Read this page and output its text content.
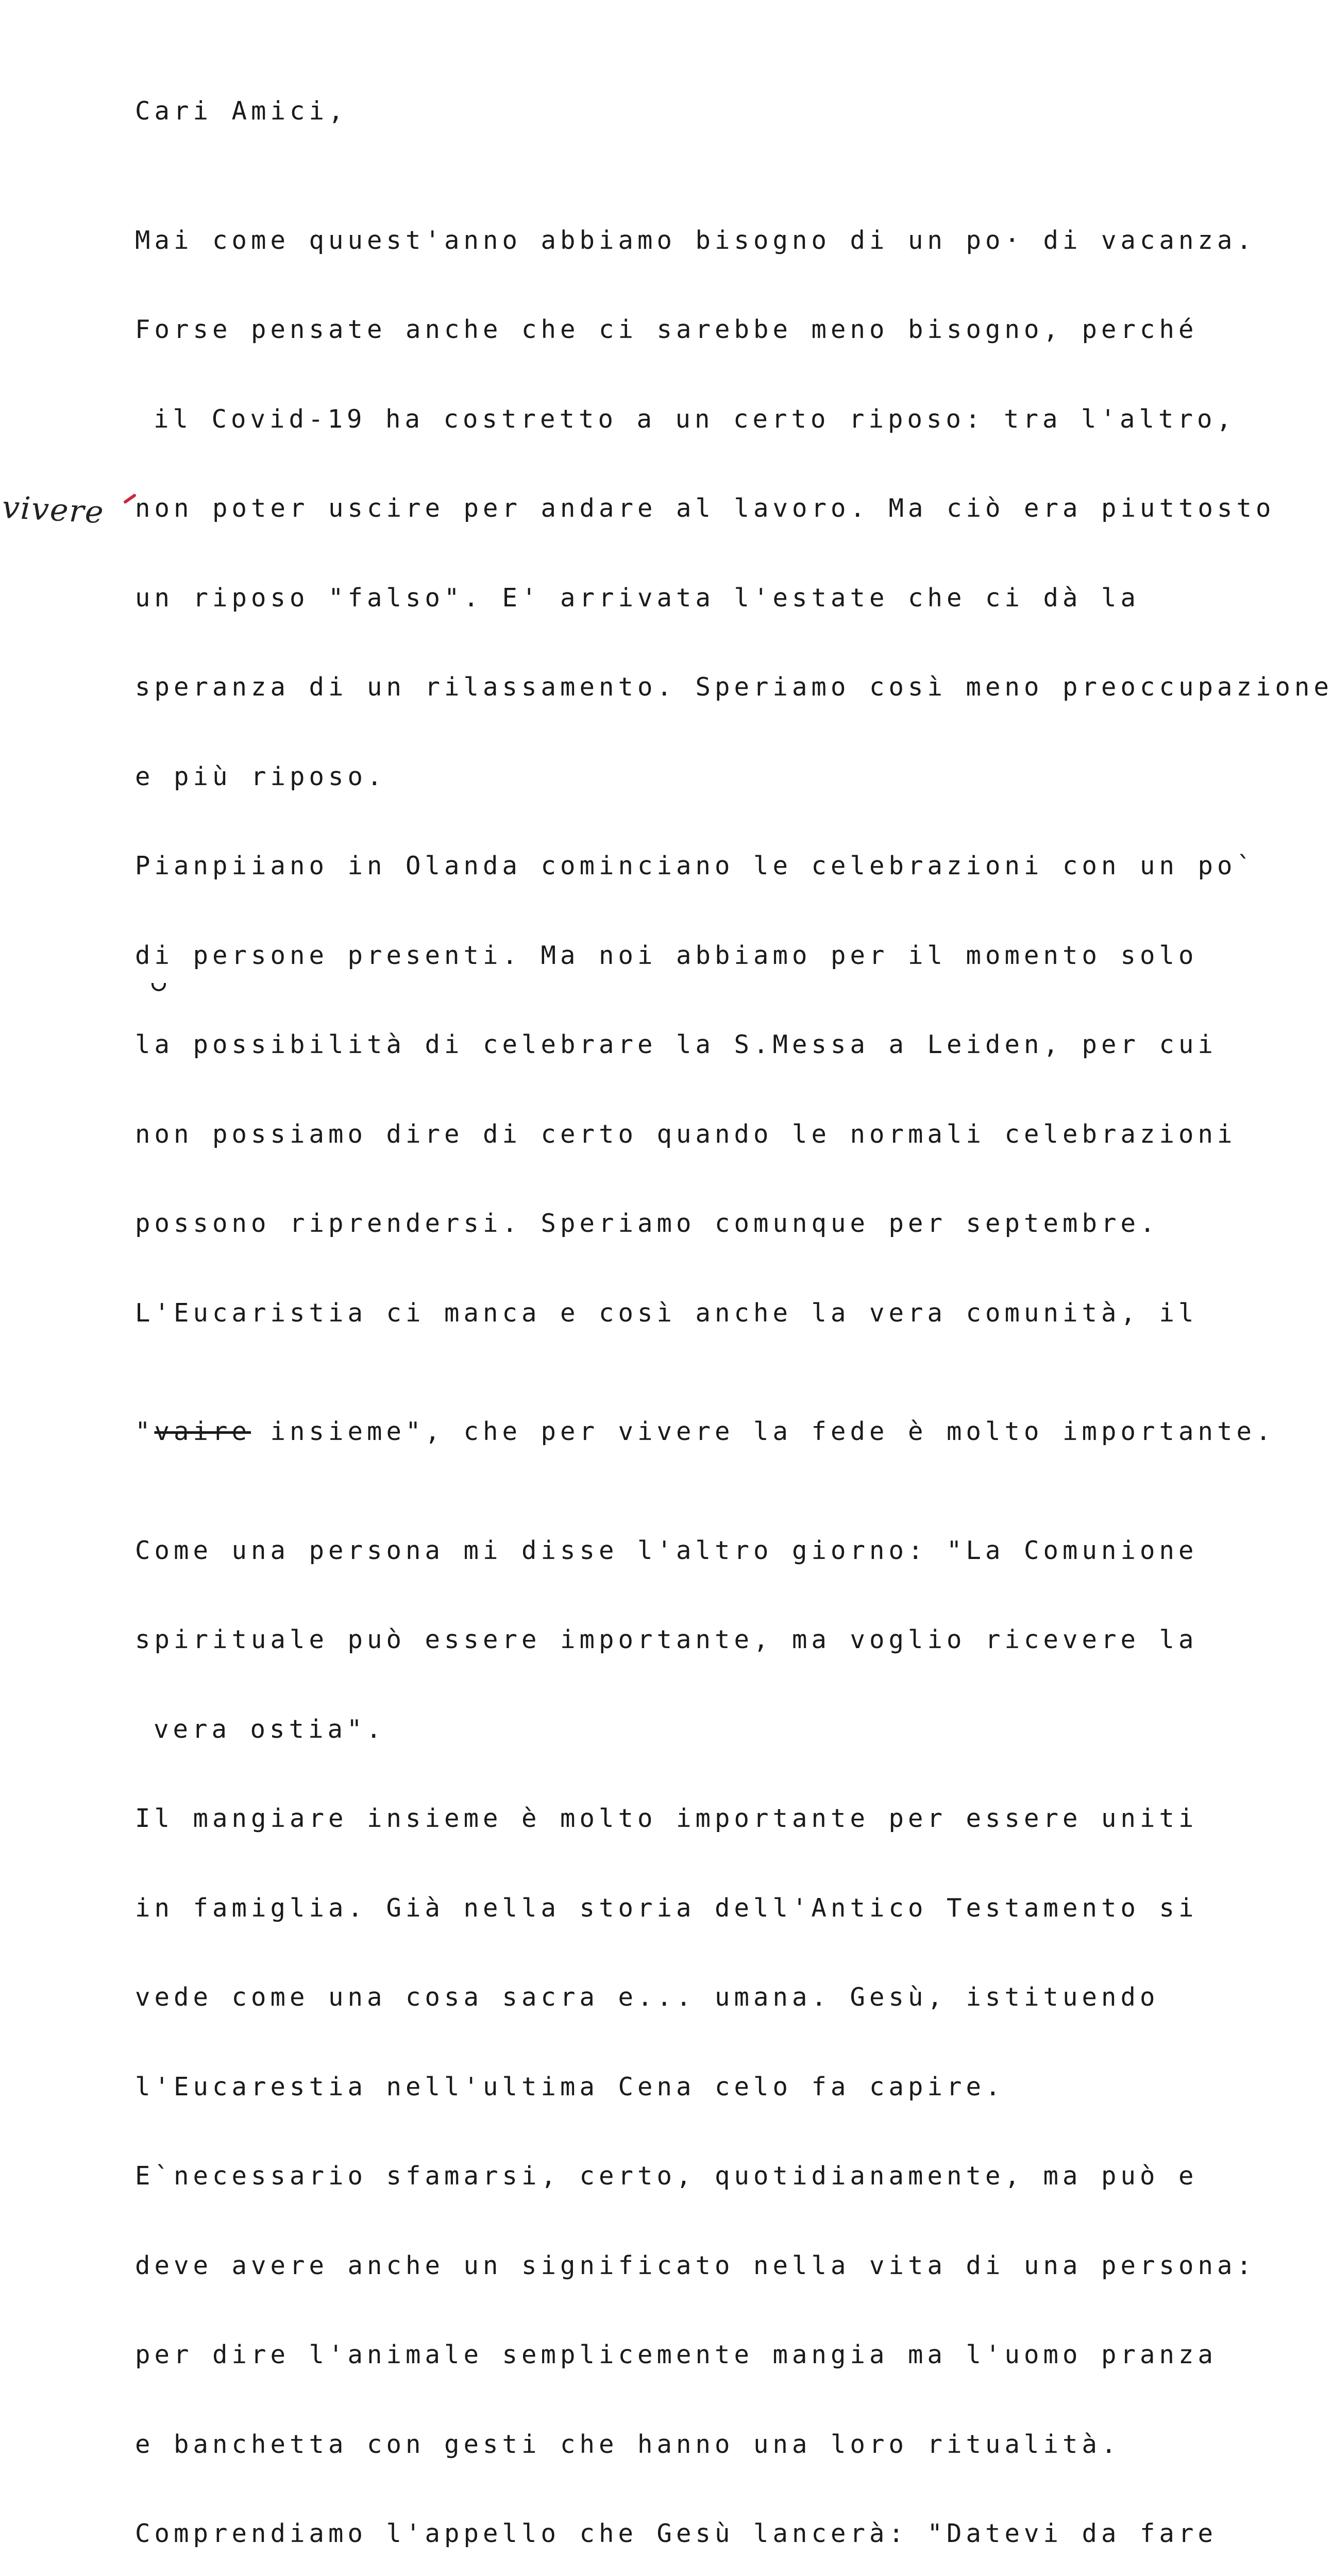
vivere

Cari Amici,

Mai come quuest'anno abbiamo bisogno di un po· di vacanza.

Forse pensate anche che ci sarebbe meno bisogno, perché

il Covid-19 ha costretto a un certo riposo: tra l'altro,

non poter uscire per andare al lavoro. Ma ciò era piuttosto

un riposo "falso". E' arrivata l'estate che ci dà la

speranza di un rilassamento. Speriamo così meno preoccupazione

e più riposo.

Pianpiiano in Olanda cominciano le celebrazioni con un po`

di persone presenti. Ma noi abbiamo per il momento solo

la possibilità di celebrare la S.Messa a Leiden, per cui

non possiamo dire di certo quando le normali celebrazioni

possono riprendersi. Speriamo comunque per septembre.

L'Eucaristia ci manca e così anche la vera comunità, il

"vaire insieme", che per vivere la fede è molto importante.

Come una persona mi disse l'altro giorno: "La Comunione

spirituale può essere importante, ma voglio ricevere la

vera ostia".

Il mangiare insieme è molto importante per essere uniti

in famiglia. Già nella storia dell'Antico Testamento si

vede come una cosa sacra e... umana. Gesù, istituendo

l'Eucarestia nell'ultima Cena celo fa capire.

E`necessario sfamarsi, certo, quotidianamente, ma può e

deve avere anche un significato nella vita di una persona:

per dire l'animale semplicemente mangia ma l'uomo pranza

e banchetta con gesti che hanno una loro ritualità.

Comprendiamo l'appello che Gesù lancerà: "Datevi da fare
